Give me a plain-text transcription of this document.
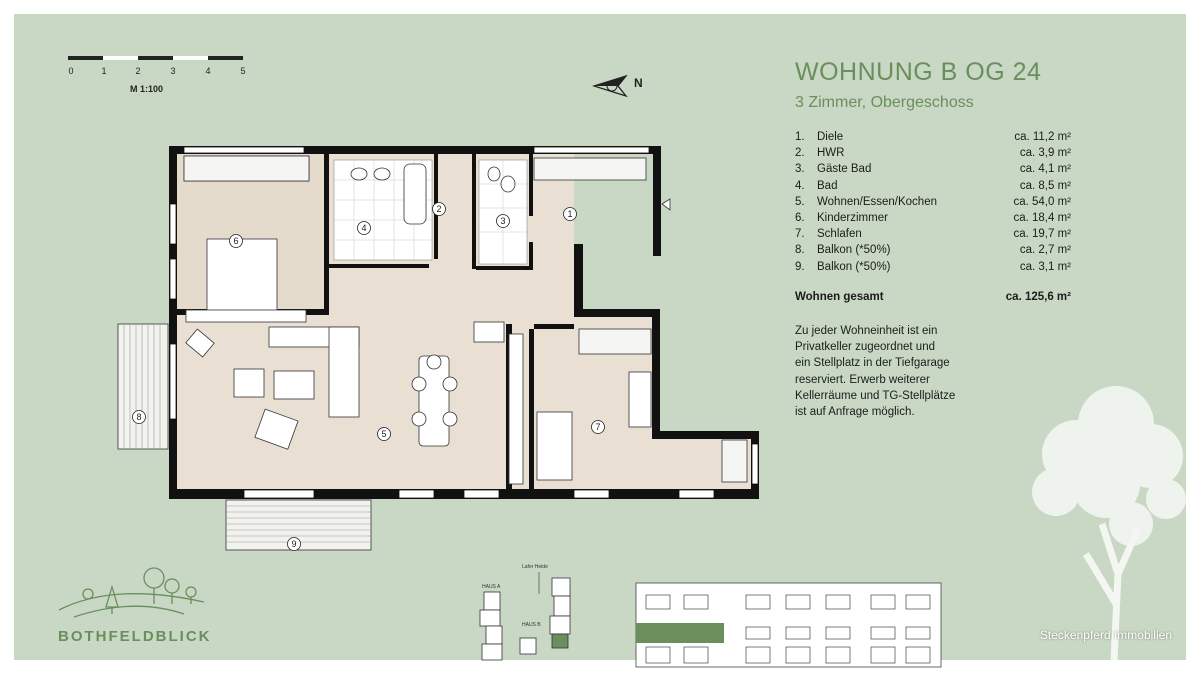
0	1	2	3	4	5
M 1:100	N	WOHNUNG B OG 24
3 Zimmer, Obergeschoss
1. Diele	ca. 11,2 m²
2. HWR	ca. 3,9 m²
3. Gäste Bad	ca. 4,1 m²
4. Bad	ca. 8,5 m²
5. Wohnen/Essen/Kochen	ca. 54,0 m²
6. Kinderzimmer	ca. 18,4 m²
7. Schlafen	ca. 19,7 m²
8. Balkon (*50%)	ca. 2,7 m²
9. Balkon (*50%)	ca. 3,1 m²
Wohnen gesamt	ca. 125,6 m²
Zu jeder Wohneinheit ist ein
Privatkeller zugeordnet und
ein Stellplatz in der Tiefgarage
reserviert. Erwerb weiterer
Kellerräume und TG-Stellplätze
ist auf Anfrage möglich.
1
2
3
4
5
6
7
8
9
BOTHFELDBLICK
Lafer Heide
HAUS A
HAUS B
Steckenpferd Immobilien
